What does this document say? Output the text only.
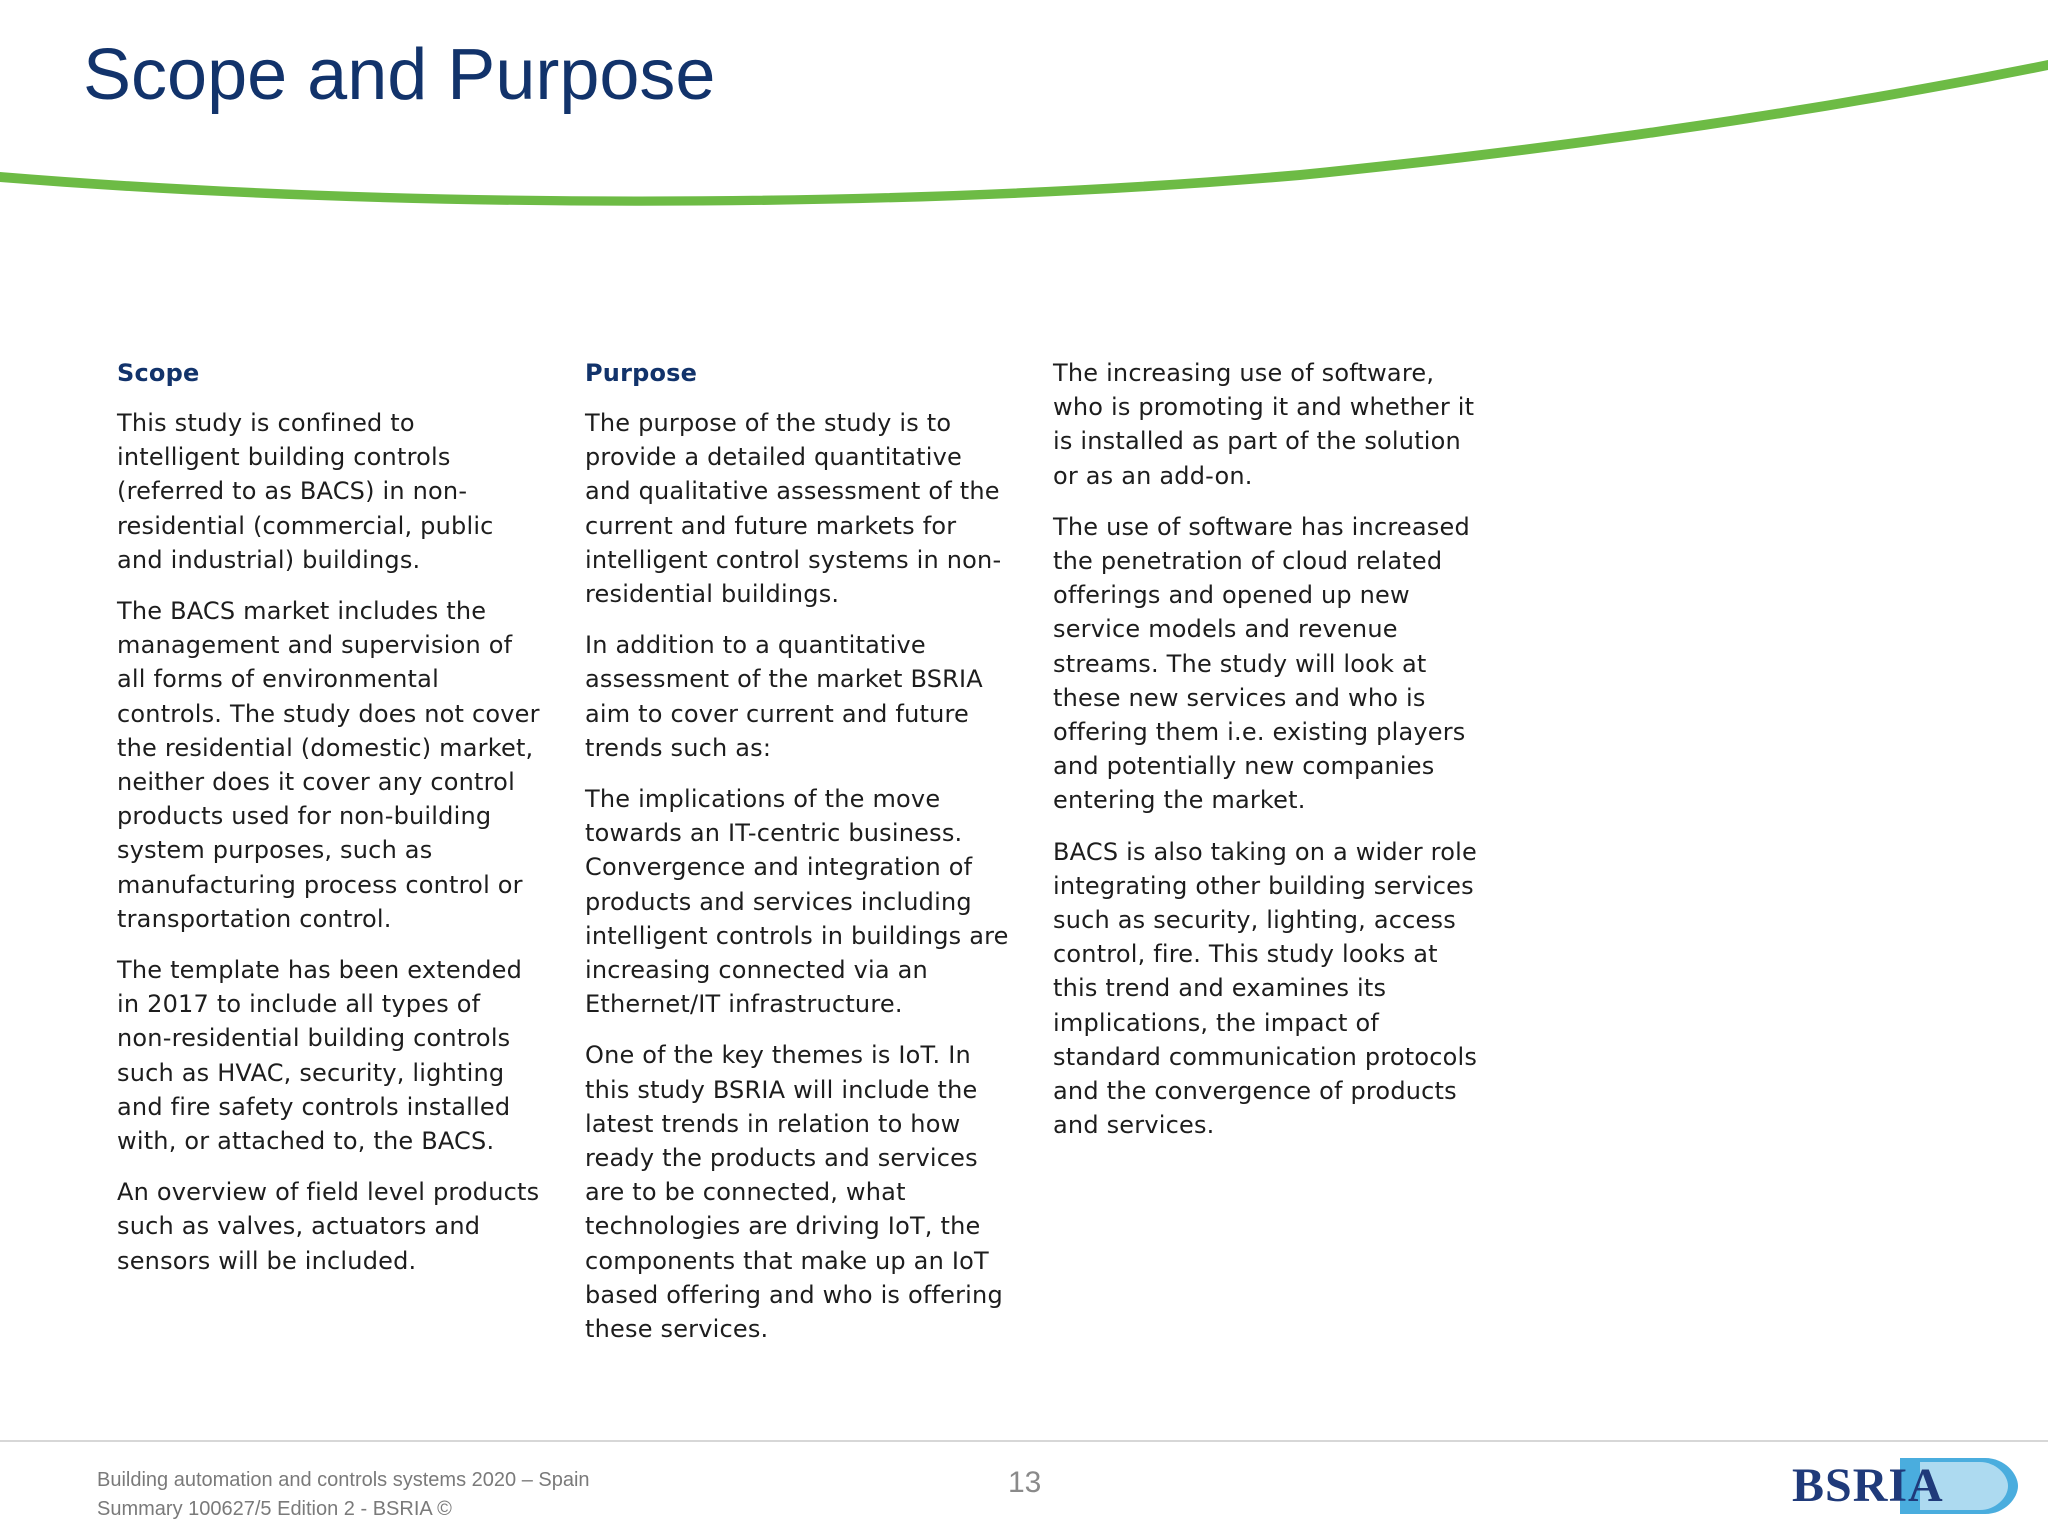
Scope and Purpose
Scope

This study is confined to intelligent building controls (referred to as BACS) in non-residential (commercial, public and industrial) buildings.

The BACS market includes the management and supervision of all forms of environmental controls. The study does not cover the residential (domestic) market, neither does it cover any control products used for non-building system purposes, such as manufacturing process control or transportation control.

The template has been extended in 2017 to include all types of non-residential building controls such as HVAC, security, lighting and fire safety controls installed with, or attached to, the BACS.

An overview of field level products such as valves, actuators and sensors will be included.

Purpose

The purpose of the study is to provide a detailed quantitative and qualitative assessment of the current and future markets for intelligent control systems in non-residential buildings.

In addition to a quantitative assessment of the market BSRIA aim to cover current and future trends such as:

The implications of the move towards an IT-centric business. Convergence and integration of products and services including intelligent controls in buildings are increasing connected via an Ethernet/IT infrastructure.

One of the key themes is IoT. In this study BSRIA will include the latest trends in relation to how ready the products and services are to be connected, what technologies are driving IoT, the components that make up an IoT based offering and who is offering these services.

The increasing use of software, who is promoting it and whether it is installed as part of the solution or as an add-on.

The use of software has increased the penetration of cloud related offerings and opened up new service models and revenue streams. The study will look at these new services and who is offering them i.e. existing players and potentially new companies entering the market.

BACS is also taking on a wider role integrating other building services such as security, lighting, access control, fire. This study looks at this trend and examines its implications, the impact of standard communication protocols and the convergence of products and services.

Building automation and controls systems 2020 – Spain
Summary 100627/5 Edition 2 - BSRIA ©
13	BSRIA
